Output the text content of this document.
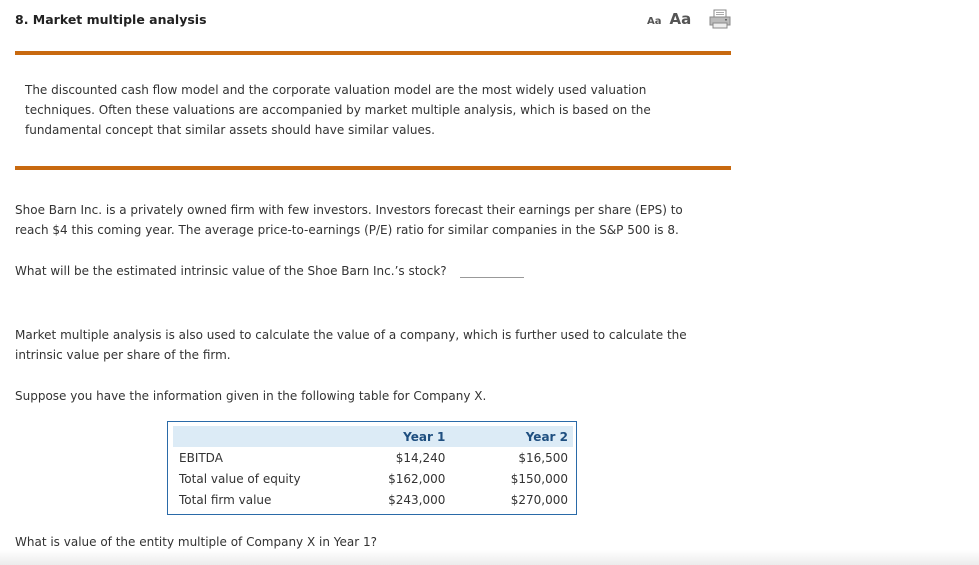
8. Market multiple analysis	Aa Aa
The discounted cash flow model and the corporate valuation model are the most widely used valuation
techniques. Often these valuations are accompanied by market multiple analysis, which is based on the
fundamental concept that similar assets should have similar values.
Shoe Barn Inc. is a privately owned firm with few investors. Investors forecast their earnings per share (EPS) to
reach $4 this coming year. The average price-to-earnings (P/E) ratio for similar companies in the S&P 500 is 8.
What will be the estimated intrinsic value of the Shoe Barn Inc.’s stock?
Market multiple analysis is also used to calculate the value of a company, which is further used to calculate the
intrinsic value per share of the firm.
Suppose you have the information given in the following table for Company X.
	Year 1	Year 2
EBITDA	$14,240	$16,500
Total value of equity	$162,000	$150,000
Total firm value	$243,000	$270,000
What is value of the entity multiple of Company X in Year 1?
